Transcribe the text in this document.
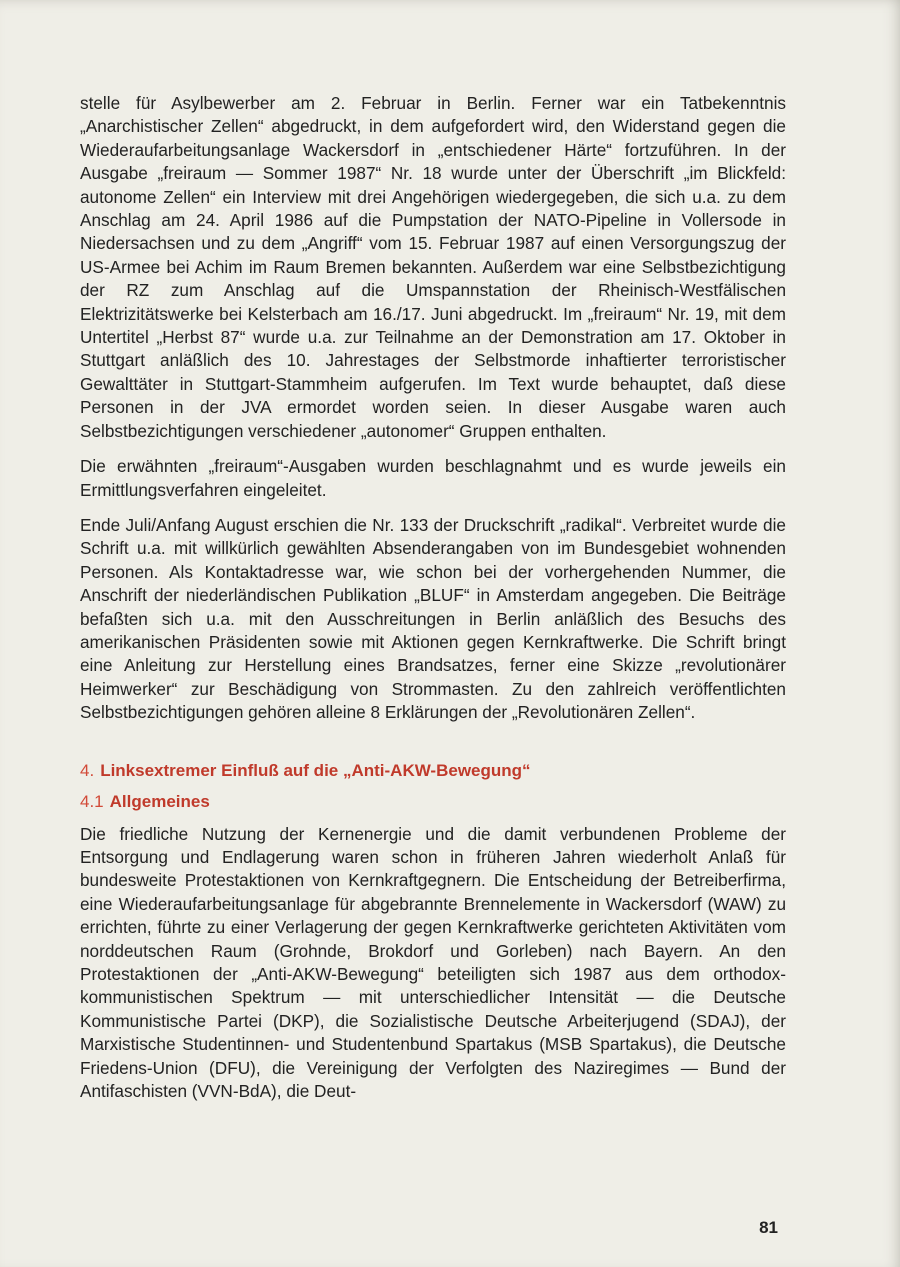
stelle für Asylbewerber am 2. Februar in Berlin. Ferner war ein Tatbekenntnis „Anarchistischer Zellen“ abgedruckt, in dem aufgefordert wird, den Widerstand gegen die Wiederaufarbeitungsanlage Wackersdorf in „entschiedener Härte“ fortzuführen. In der Ausgabe „freiraum — Sommer 1987“ Nr. 18 wurde unter der Überschrift „im Blickfeld: autonome Zellen“ ein Interview mit drei Angehörigen wiedergegeben, die sich u.a. zu dem Anschlag am 24. April 1986 auf die Pumpstation der NATO-Pipeline in Vollersode in Niedersachsen und zu dem „Angriff“ vom 15. Februar 1987 auf einen Versorgungszug der US-Armee bei Achim im Raum Bremen bekannten. Außerdem war eine Selbstbezichtigung der RZ zum Anschlag auf die Umspannstation der Rheinisch-Westfälischen Elektrizitätswerke bei Kelsterbach am 16./17. Juni abgedruckt. Im „freiraum“ Nr. 19, mit dem Untertitel „Herbst 87“ wurde u.a. zur Teilnahme an der Demonstration am 17. Oktober in Stuttgart anläßlich des 10. Jahrestages der Selbstmorde inhaftierter terroristischer Gewalttäter in Stuttgart-Stammheim aufgerufen. Im Text wurde behauptet, daß diese Personen in der JVA ermordet worden seien. In dieser Ausgabe waren auch Selbstbezichtigungen verschiedener „autonomer“ Gruppen enthalten.

Die erwähnten „freiraum“-Ausgaben wurden beschlagnahmt und es wurde jeweils ein Ermittlungsverfahren eingeleitet.

Ende Juli/Anfang August erschien die Nr. 133 der Druckschrift „radikal“. Verbreitet wurde die Schrift u.a. mit willkürlich gewählten Absenderangaben von im Bundesgebiet wohnenden Personen. Als Kontaktadresse war, wie schon bei der vorhergehenden Nummer, die Anschrift der niederländischen Publikation „BLUF“ in Amsterdam angegeben. Die Beiträge befaßten sich u.a. mit den Ausschreitungen in Berlin anläßlich des Besuchs des amerikanischen Präsidenten sowie mit Aktionen gegen Kernkraftwerke. Die Schrift bringt eine Anleitung zur Herstellung eines Brandsatzes, ferner eine Skizze „revolutionärer Heimwerker“ zur Beschädigung von Strommasten. Zu den zahlreich veröffentlichten Selbstbezichtigungen gehören alleine 8 Erklärungen der „Revolutionären Zellen“.

4. Linksextremer Einfluß auf die „Anti-AKW-Bewegung“
4.1 Allgemeines

Die friedliche Nutzung der Kernenergie und die damit verbundenen Probleme der Entsorgung und Endlagerung waren schon in früheren Jahren wiederholt Anlaß für bundesweite Protestaktionen von Kernkraftgegnern. Die Entscheidung der Betreiberfirma, eine Wiederaufarbeitungsanlage für abgebrannte Brennelemente in Wackersdorf (WAW) zu errichten, führte zu einer Verlagerung der gegen Kernkraftwerke gerichteten Aktivitäten vom norddeutschen Raum (Grohnde, Brokdorf und Gorleben) nach Bayern. An den Protestaktionen der „Anti-AKW-Bewegung“ beteiligten sich 1987 aus dem orthodox-kommunistischen Spektrum — mit unterschiedlicher Intensität — die Deutsche Kommunistische Partei (DKP), die Sozialistische Deutsche Arbeiterjugend (SDAJ), der Marxistische Studentinnen- und Studentenbund Spartakus (MSB Spartakus), die Deutsche Friedens-Union (DFU), die Vereinigung der Verfolgten des Naziregimes — Bund der Antifaschisten (VVN-BdA), die Deut-

81
